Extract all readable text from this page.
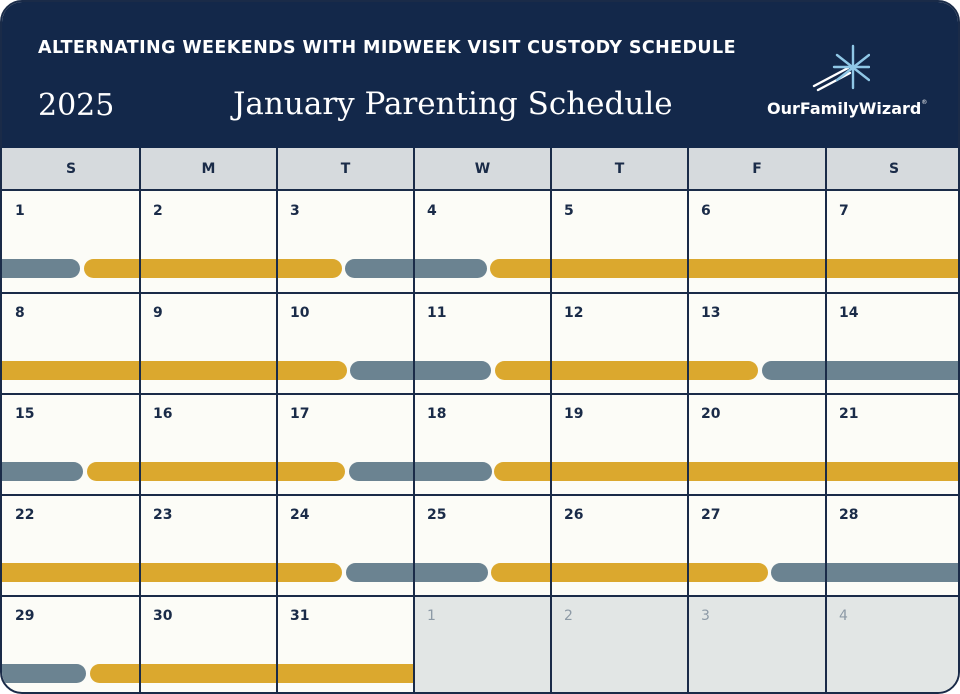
ALTERNATING WEEKENDS WITH MIDWEEK VISIT CUSTODY SCHEDULE
2025	January Parenting Schedule	OurFamilyWizard®
S	M	T	W	T	F	S
1	2	3	4	5	6	7
8	9	10	11	12	13	14
15	16	17	18	19	20	21
22	23	24	25	26	27	28
29	30	31	1	2	3	4
